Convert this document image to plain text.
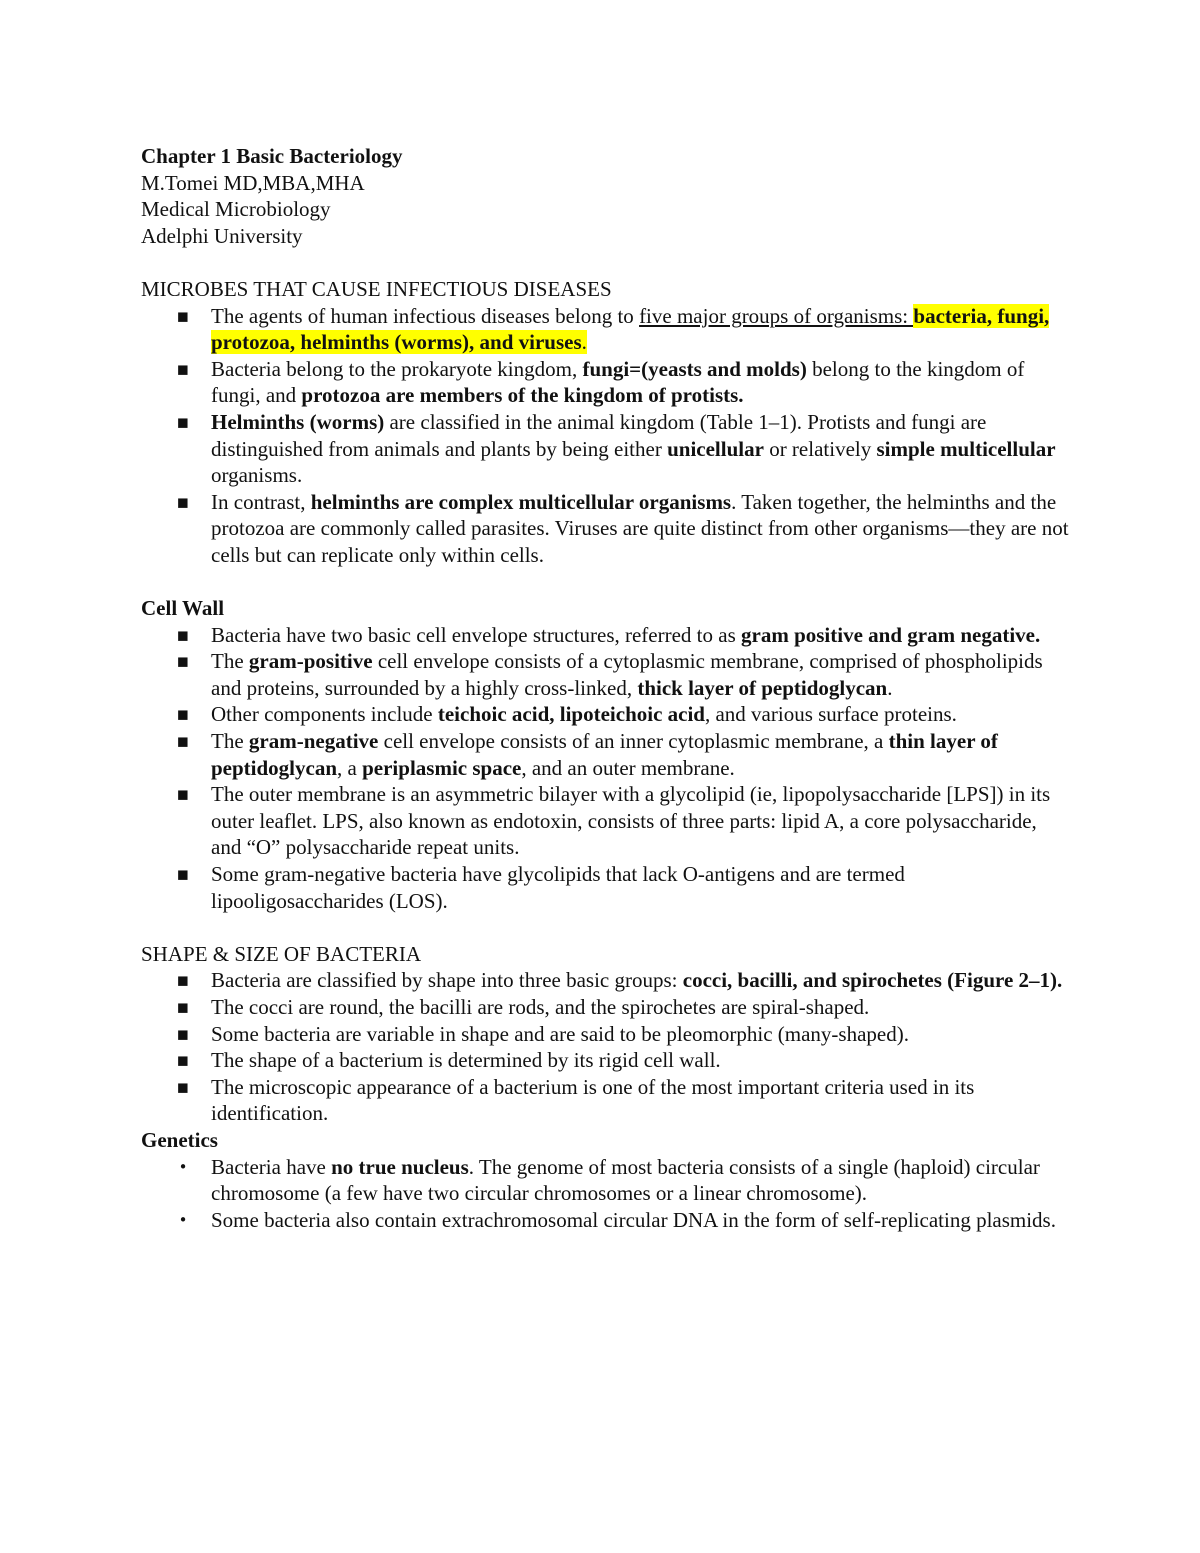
Chapter 1 Basic Bacteriology
M.Tomei MD,MBA,MHA
Medical Microbiology
Adelphi University
MICROBES THAT CAUSE INFECTIOUS DISEASES
▪
The agents of human infectious diseases belong to five major groups of organisms: bacteria, fungi, protozoa, helminths (worms), and viruses.
▪
Bacteria belong to the prokaryote kingdom, fungi=(yeasts and molds) belong to the kingdom of fungi, and protozoa are members of the kingdom of protists.
▪
Helminths (worms) are classified in the animal kingdom (Table 1–1). Protists and fungi are distinguished from animals and plants by being either unicellular or relatively simple multicellular organisms.
▪
In contrast, helminths are complex multicellular organisms. Taken together, the helminths and the protozoa are commonly called parasites. Viruses are quite distinct from other organisms—they are not cells but can replicate only within cells.
Cell Wall
▪
Bacteria have two basic cell envelope structures, referred to as gram positive and gram negative.
▪
The gram-positive cell envelope consists of a cytoplasmic membrane, comprised of phospholipids and proteins, surrounded by a highly cross-linked, thick layer of peptidoglycan.
▪
Other components include teichoic acid, lipoteichoic acid, and various surface proteins.
▪
The gram-negative cell envelope consists of an inner cytoplasmic membrane, a thin layer of peptidoglycan, a periplasmic space, and an outer membrane.
▪
The outer membrane is an asymmetric bilayer with a glycolipid (ie, lipopolysaccharide [LPS]) in its outer leaflet. LPS, also known as endotoxin, consists of three parts: lipid A, a core polysaccharide, and “O” polysaccharide repeat units.
▪
Some gram-negative bacteria have glycolipids that lack O-antigens and are termed lipooligosaccharides (LOS).
SHAPE & SIZE OF BACTERIA
▪
Bacteria are classified by shape into three basic groups: cocci, bacilli, and spirochetes (Figure 2–1).
▪
The cocci are round, the bacilli are rods, and the spirochetes are spiral-shaped.
▪
Some bacteria are variable in shape and are said to be pleomorphic (many-shaped).
▪
The shape of a bacterium is determined by its rigid cell wall.
▪
The microscopic appearance of a bacterium is one of the most important criteria used in its identification.
Genetics
•
Bacteria have no true nucleus. The genome of most bacteria consists of a single (haploid) circular chromosome (a few have two circular chromosomes or a linear chromosome).
•
Some bacteria also contain extrachromosomal circular DNA in the form of self-replicating plasmids.
